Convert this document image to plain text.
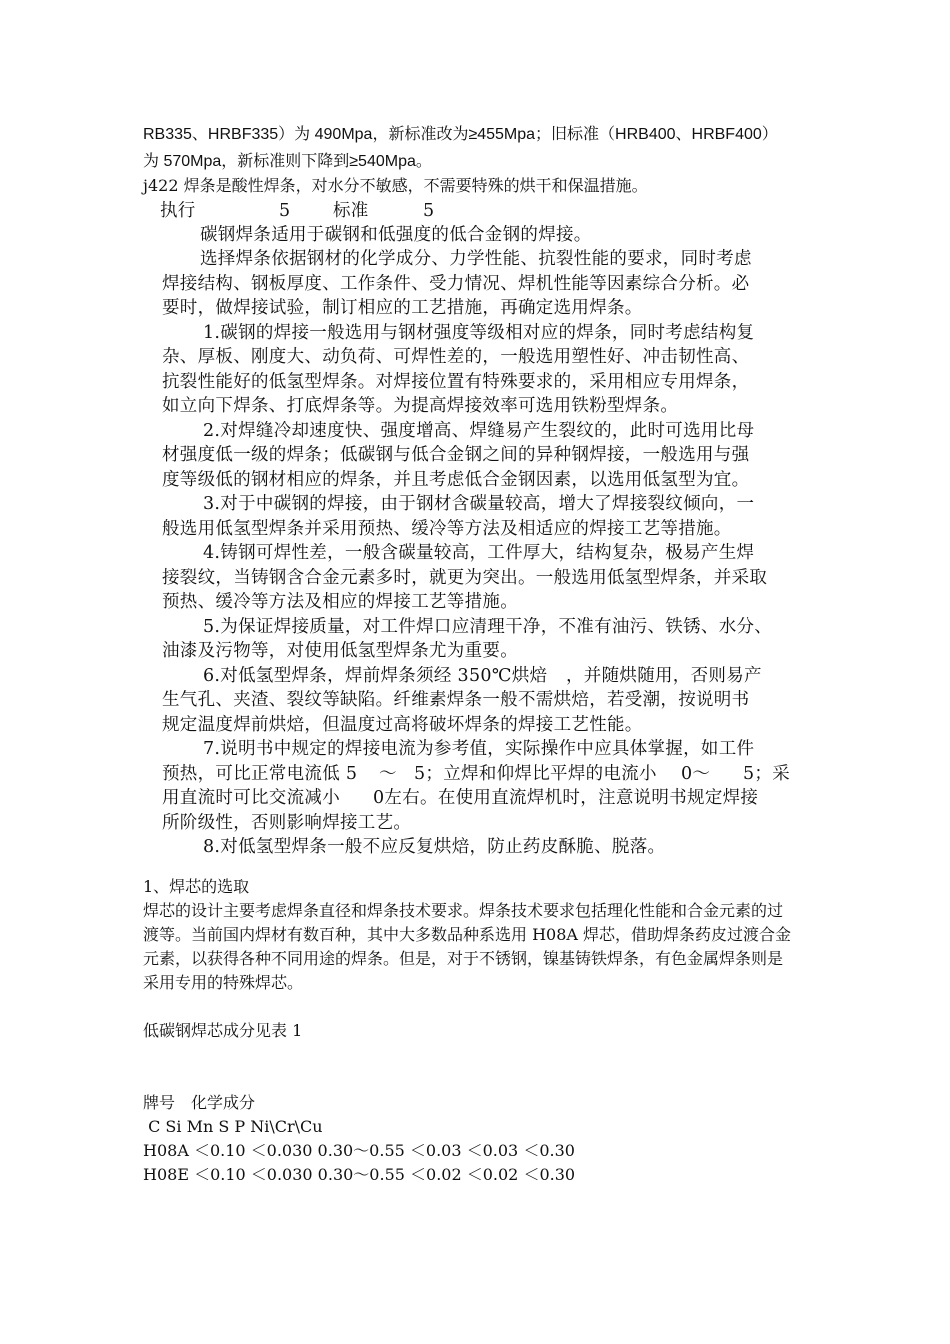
RB335、HRBF335）为 490Mpa，新标准改为≥455Mpa；旧标准（HRB400、HRBF400）
为 570Mpa，新标准则下降到≥540Mpa。
j422 焊条是酸性焊条，对水分不敏感，不需要特殊的烘干和保温措施。
执行	5 标准	5
碳钢焊条适用于碳钢和低强度的低合金钢的焊接。
选择焊条依据钢材的化学成分、力学性能、抗裂性能的要求，同时考虑
焊接结构、钢板厚度、工作条件、受力情况、焊机性能等因素综合分析。必
要时，做焊接试验，制订相应的工艺措施，再确定选用焊条。
1.碳钢的焊接一般选用与钢材强度等级相对应的焊条，同时考虑结构复
杂、厚板、刚度大、动负荷、可焊性差的，一般选用塑性好、冲击韧性高、
抗裂性能好的低氢型焊条。对焊接位置有特殊要求的，采用相应专用焊条，
如立向下焊条、打底焊条等。为提高焊接效率可选用铁粉型焊条。
2.对焊缝冷却速度快、强度增高、焊缝易产生裂纹的，此时可选用比母
材强度低一级的焊条；低碳钢与低合金钢之间的异种钢焊接，一般选用与强
度等级低的钢材相应的焊条，并且考虑低合金钢因素，以选用低氢型为宜。
3.对于中碳钢的焊接，由于钢材含碳量较高，增大了焊接裂纹倾向，一
般选用低氢型焊条并采用预热、缓冷等方法及相适应的焊接工艺等措施。
4.铸钢可焊性差，一般含碳量较高，工件厚大，结构复杂，极易产生焊
接裂纹，当铸钢含合金元素多时，就更为突出。一般选用低氢型焊条，并采取
预热、缓冷等方法及相应的焊接工艺等措施。
5.为保证焊接质量，对工件焊口应清理干净，不准有油污、铁锈、水分、
油漆及污物等，对使用低氢型焊条尤为重要。
6.对低氢型焊条，焊前焊条须经 350℃烘焙 ，并随烘随用，否则易产
生气孔、夹渣、裂纹等缺陷。纤维素焊条一般不需烘焙，若受潮，按说明书
规定温度焊前烘焙，但温度过高将破坏焊条的焊接工艺性能。
7.说明书中规定的焊接电流为参考值，实际操作中应具体掌握，如工件
预热，可比正常电流低 5 ～ 5；立焊和仰焊比平焊的电流小 0～ 5；采
用直流时可比交流减小 0左右。在使用直流焊机时，注意说明书规定焊接
所阶级性，否则影响焊接工艺。
8.对低氢型焊条一般不应反复烘焙，防止药皮酥脆、脱落。
1、焊芯的选取
焊芯的设计主要考虑焊条直径和焊条技术要求。焊条技术要求包括理化性能和合金元素的过
渡等。当前国内焊材有数百种，其中大多数品种系选用 H08A 焊芯，借助焊条药皮过渡合金
元素，以获得各种不同用途的焊条。但是，对于不锈钢，镍基铸铁焊条，有色金属焊条则是
采用专用的特殊焊芯。
低碳钢焊芯成分见表 1
牌号　化学成分
C Si Mn S P Ni\Cr\Cu
H08A ＜0.10 ＜0.030 0.30～0.55 ＜0.03 ＜0.03 ＜0.30
H08E ＜0.10 ＜0.030 0.30～0.55 ＜0.02 ＜0.02 ＜0.30
